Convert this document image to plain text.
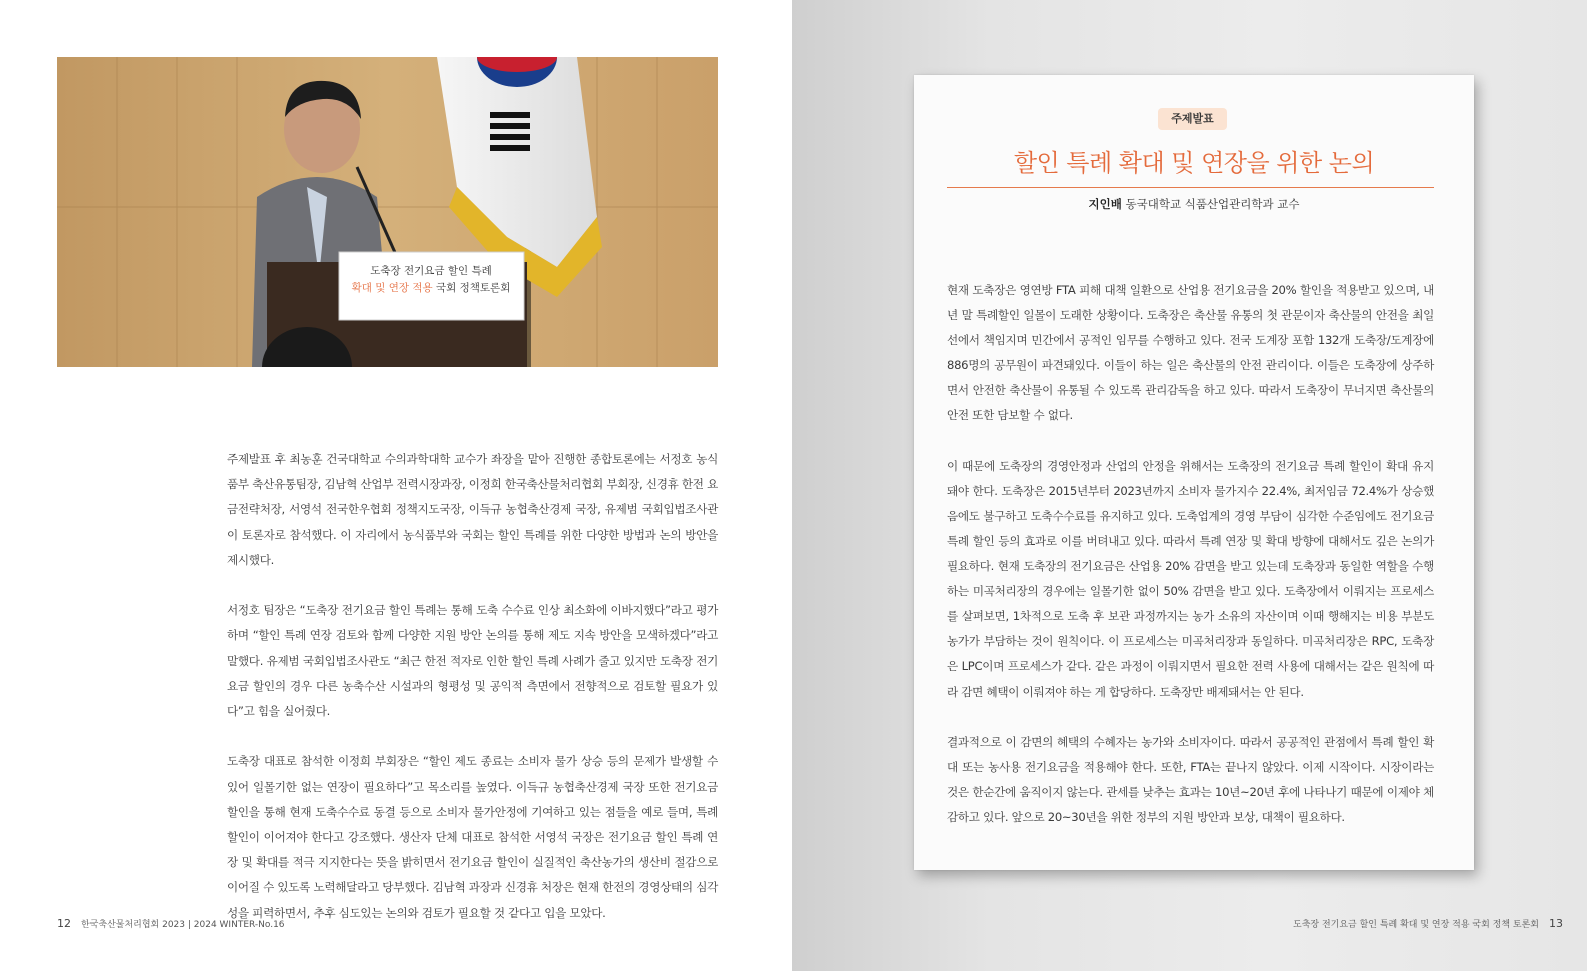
도축장 전기요금 할인 특례
확대 및 연장 적용 국회 정책토론회

주제발표 후 최농훈 건국대학교 수의과학대학 교수가 좌장을 맡아 진행한 종합토론에는 서정호 농식품부 축산유통팀장, 김남혁 산업부 전력시장과장, 이정희 한국축산물처리협회 부회장, 신경휴 한전 요금전략처장, 서영석 전국한우협회 정책지도국장, 이득규 농협축산경제 국장, 유제범 국회입법조사관이 토론자로 참석했다. 이 자리에서 농식품부와 국회는 할인 특례를 위한 다양한 방법과 논의 방안을 제시했다.

서정호 팀장은 “도축장 전기요금 할인 특례는 통해 도축 수수료 인상 최소화에 이바지했다”라고 평가하며 “할인 특례 연장 검토와 함께 다양한 지원 방안 논의를 통해 제도 지속 방안을 모색하겠다”라고 말했다. 유제범 국회입법조사관도 “최근 한전 적자로 인한 할인 특례 사례가 줄고 있지만 도축장 전기요금 할인의 경우 다른 농축수산 시설과의 형평성 및 공익적 측면에서 전향적으로 검토할 필요가 있다”고 힘을 실어줬다.

도축장 대표로 참석한 이정희 부회장은 “할인 제도 종료는 소비자 물가 상승 등의 문제가 발생할 수 있어 일몰기한 없는 연장이 필요하다”고 목소리를 높였다. 이득규 농협축산경제 국장 또한 전기요금 할인을 통해 현재 도축수수료 동결 등으로 소비자 물가안정에 기여하고 있는 점들을 예로 들며, 특례 할인이 이어져야 한다고 강조했다. 생산자 단체 대표로 참석한 서영석 국장은 전기요금 할인 특례 연장 및 확대를 적극 지지한다는 뜻을 밝히면서 전기요금 할인이 실질적인 축산농가의 생산비 절감으로 이어질 수 있도록 노력해달라고 당부했다. 김남혁 과장과 신경휴 처장은 현재 한전의 경영상태의 심각성을 피력하면서, 추후 심도있는 논의와 검토가 필요할 것 같다고 입을 모았다.

12 한국축산물처리협회 2023 | 2024 WINTER-No.16
주제발표
할인 특례 확대 및 연장을 위한 논의
지인배 동국대학교 식품산업관리학과 교수

현재 도축장은 영연방 FTA 피해 대책 일환으로 산업용 전기요금을 20% 할인을 적용받고 있으며, 내년 말 특례할인 일몰이 도래한 상황이다. 도축장은 축산물 유통의 첫 관문이자 축산물의 안전을 최일선에서 책임지며 민간에서 공적인 임무를 수행하고 있다. 전국 도계장 포함 132개 도축장/도계장에 886명의 공무원이 파견돼있다. 이들이 하는 일은 축산물의 안전 관리이다. 이들은 도축장에 상주하면서 안전한 축산물이 유통될 수 있도록 관리감독을 하고 있다. 따라서 도축장이 무너지면 축산물의 안전 또한 담보할 수 없다.

이 때문에 도축장의 경영안정과 산업의 안정을 위해서는 도축장의 전기요금 특례 할인이 확대 유지돼야 한다. 도축장은 2015년부터 2023년까지 소비자 물가지수 22.4%, 최저임금 72.4%가 상승했음에도 불구하고 도축수수료를 유지하고 있다. 도축업계의 경영 부담이 심각한 수준임에도 전기요금 특례 할인 등의 효과로 이를 버텨내고 있다. 따라서 특례 연장 및 확대 방향에 대해서도 깊은 논의가 필요하다. 현재 도축장의 전기요금은 산업용 20% 감면을 받고 있는데 도축장과 동일한 역할을 수행하는 미곡처리장의 경우에는 일몰기한 없이 50% 감면을 받고 있다. 도축장에서 이뤄지는 프로세스를 살펴보면, 1차적으로 도축 후 보관 과정까지는 농가 소유의 자산이며 이때 행해지는 비용 부분도 농가가 부담하는 것이 원칙이다. 이 프로세스는 미곡처리장과 동일하다. 미곡처리장은 RPC, 도축장은 LPC이며 프로세스가 같다. 같은 과정이 이뤄지면서 필요한 전력 사용에 대해서는 같은 원칙에 따라 감면 혜택이 이뤄져야 하는 게 합당하다. 도축장만 배제돼서는 안 된다.

결과적으로 이 감면의 혜택의 수혜자는 농가와 소비자이다. 따라서 공공적인 관점에서 특례 할인 확대 또는 농사용 전기요금을 적용해야 한다. 또한, FTA는 끝나지 않았다. 이제 시작이다. 시장이라는 것은 한순간에 움직이지 않는다. 관세를 낮추는 효과는 10년~20년 후에 나타나기 때문에 이제야 체감하고 있다. 앞으로 20~30년을 위한 정부의 지원 방안과 보상, 대책이 필요하다.

도축장 전기요금 할인 특례 확대 및 연장 적용 국회 정책 토론회 13
